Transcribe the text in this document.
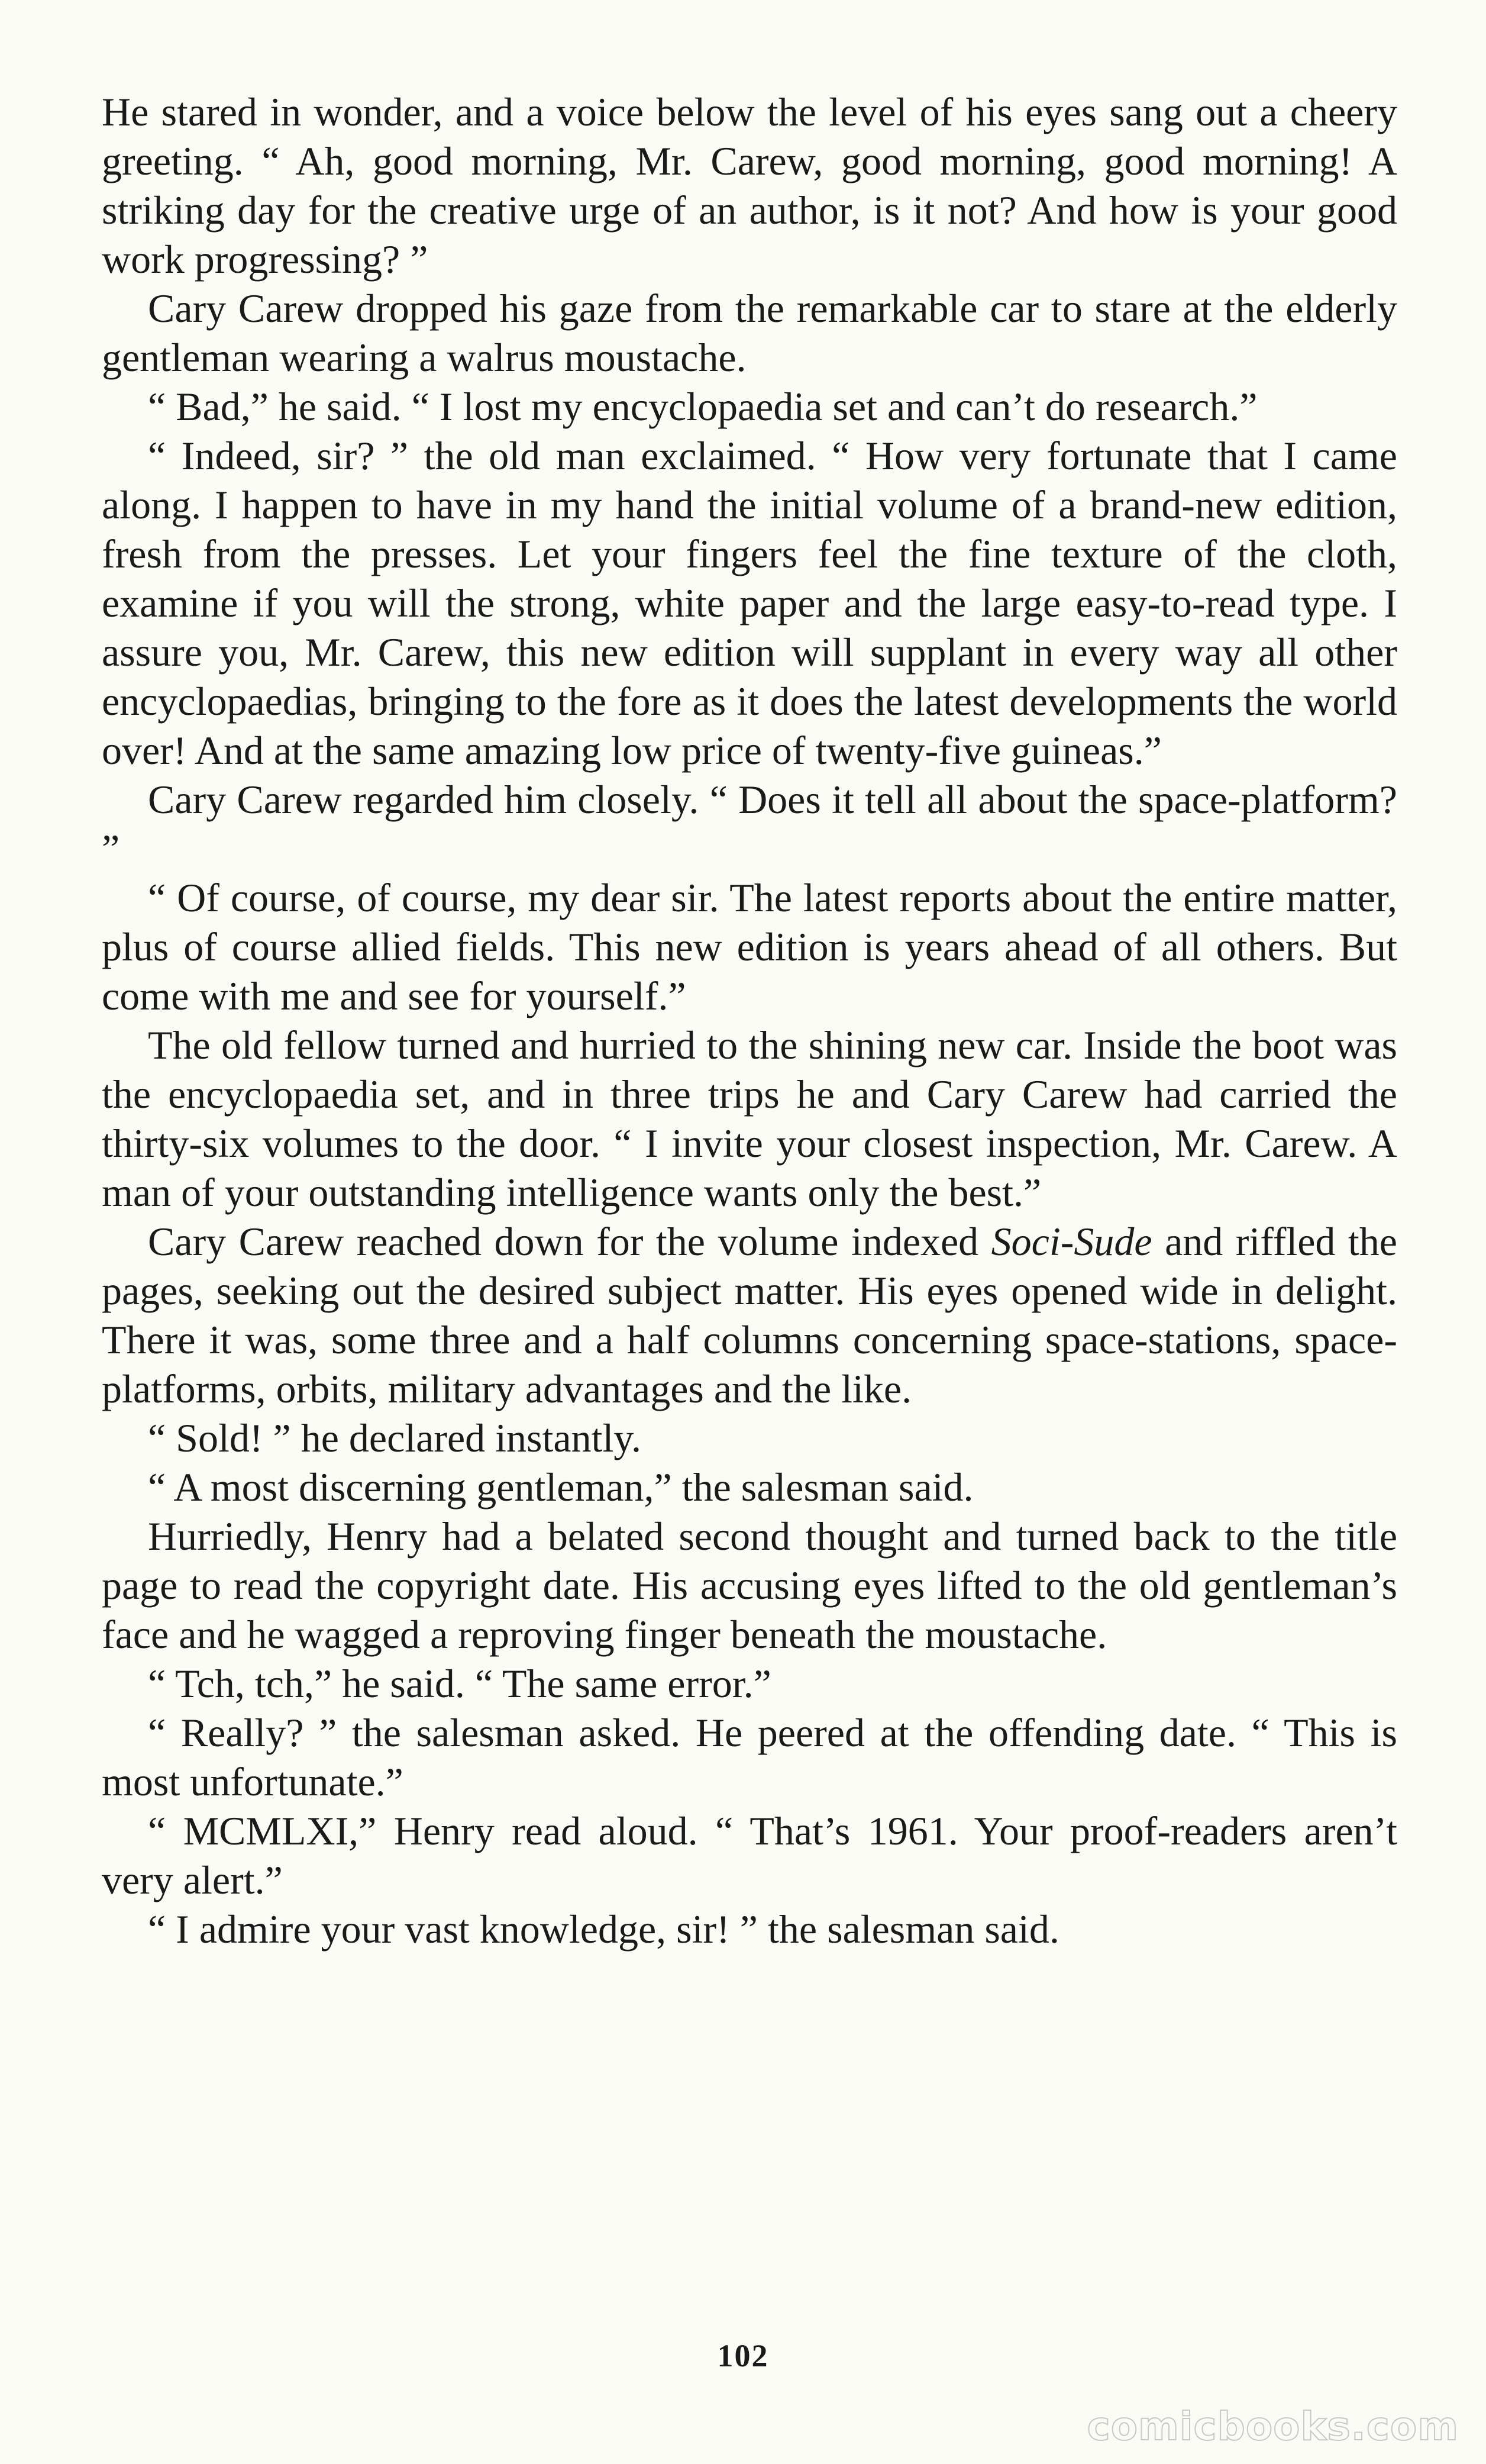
He stared in wonder, and a voice below the level of his eyes sang out a cheery greeting. “ Ah, good morning, Mr. Carew, good morning, good morning! A striking day for the creative urge of an author, is it not? And how is your good work progressing? ”

Cary Carew dropped his gaze from the remarkable car to stare at the elderly gentleman wearing a walrus moustache.

“ Bad,” he said. “ I lost my encyclopaedia set and can’t do research.”

“ Indeed, sir? ” the old man exclaimed. “ How very fortunate that I came along. I happen to have in my hand the initial volume of a brand-new edition, fresh from the presses. Let your fingers feel the fine texture of the cloth, examine if you will the strong, white paper and the large easy-to-read type. I assure you, Mr. Carew, this new edition will supplant in every way all other encyclopaedias, bringing to the fore as it does the latest developments the world over! And at the same amazing low price of twenty-five guineas.”

Cary Carew regarded him closely. “ Does it tell all about the space-platform? ”

“ Of course, of course, my dear sir. The latest reports about the entire matter, plus of course allied fields. This new edition is years ahead of all others. But come with me and see for yourself.”

The old fellow turned and hurried to the shining new car. Inside the boot was the encyclopaedia set, and in three trips he and Cary Carew had carried the thirty-six volumes to the door. “ I invite your closest inspection, Mr. Carew. A man of your outstanding intelligence wants only the best.”

Cary Carew reached down for the volume indexed Soci-Sude and riffled the pages, seeking out the desired subject matter. His eyes opened wide in delight. There it was, some three and a half columns concerning space-stations, space-platforms, orbits, military advantages and the like.

“ Sold! ” he declared instantly.

“ A most discerning gentleman,” the salesman said.

Hurriedly, Henry had a belated second thought and turned back to the title page to read the copyright date. His accusing eyes lifted to the old gentleman’s face and he wagged a reproving finger beneath the moustache.

“ Tch, tch,” he said. “ The same error.”

“ Really? ” the salesman asked. He peered at the offending date. “ This is most unfortunate.”

“ MCMLXI,” Henry read aloud. “ That’s 1961. Your proof-readers aren’t very alert.”

“ I admire your vast knowledge, sir! ” the salesman said.

102
comicbooks.com
